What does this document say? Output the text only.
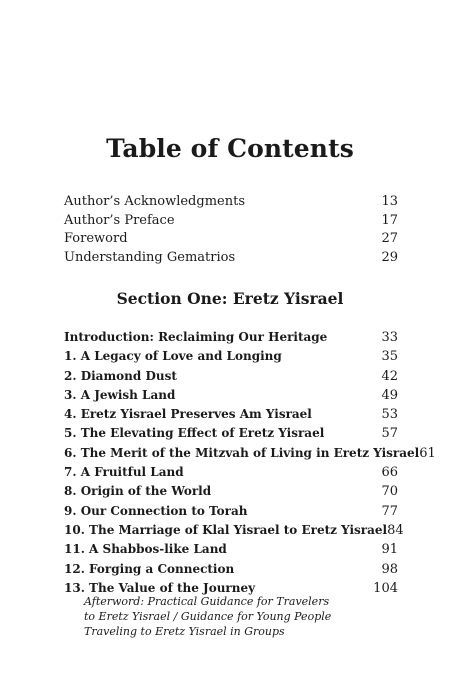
Table of Contents
Author’s Acknowledgments	13
Author’s Preface	17
Foreword	27
Understanding Gematrios	29
Section One: Eretz Yisrael
Introduction: Reclaiming Our Heritage	33
1. A Legacy of Love and Longing	35
2. Diamond Dust	42
3. A Jewish Land	49
4. Eretz Yisrael Preserves Am Yisrael	53
5. The Elevating Effect of Eretz Yisrael	57
6. The Merit of the Mitzvah of Living in Eretz Yisrael 61
7. A Fruitful Land	66
8. Origin of the World	70
9. Our Connection to Torah	77
10. The Marriage of Klal Yisrael to Eretz Yisrael 84
11. A Shabbos-like Land	91
12. Forging a Connection	98
13. The Value of the Journey	104
Afterword: Practical Guidance for Travelers
to Eretz Yisrael / Guidance for Young People
Traveling to Eretz Yisrael in Groups
